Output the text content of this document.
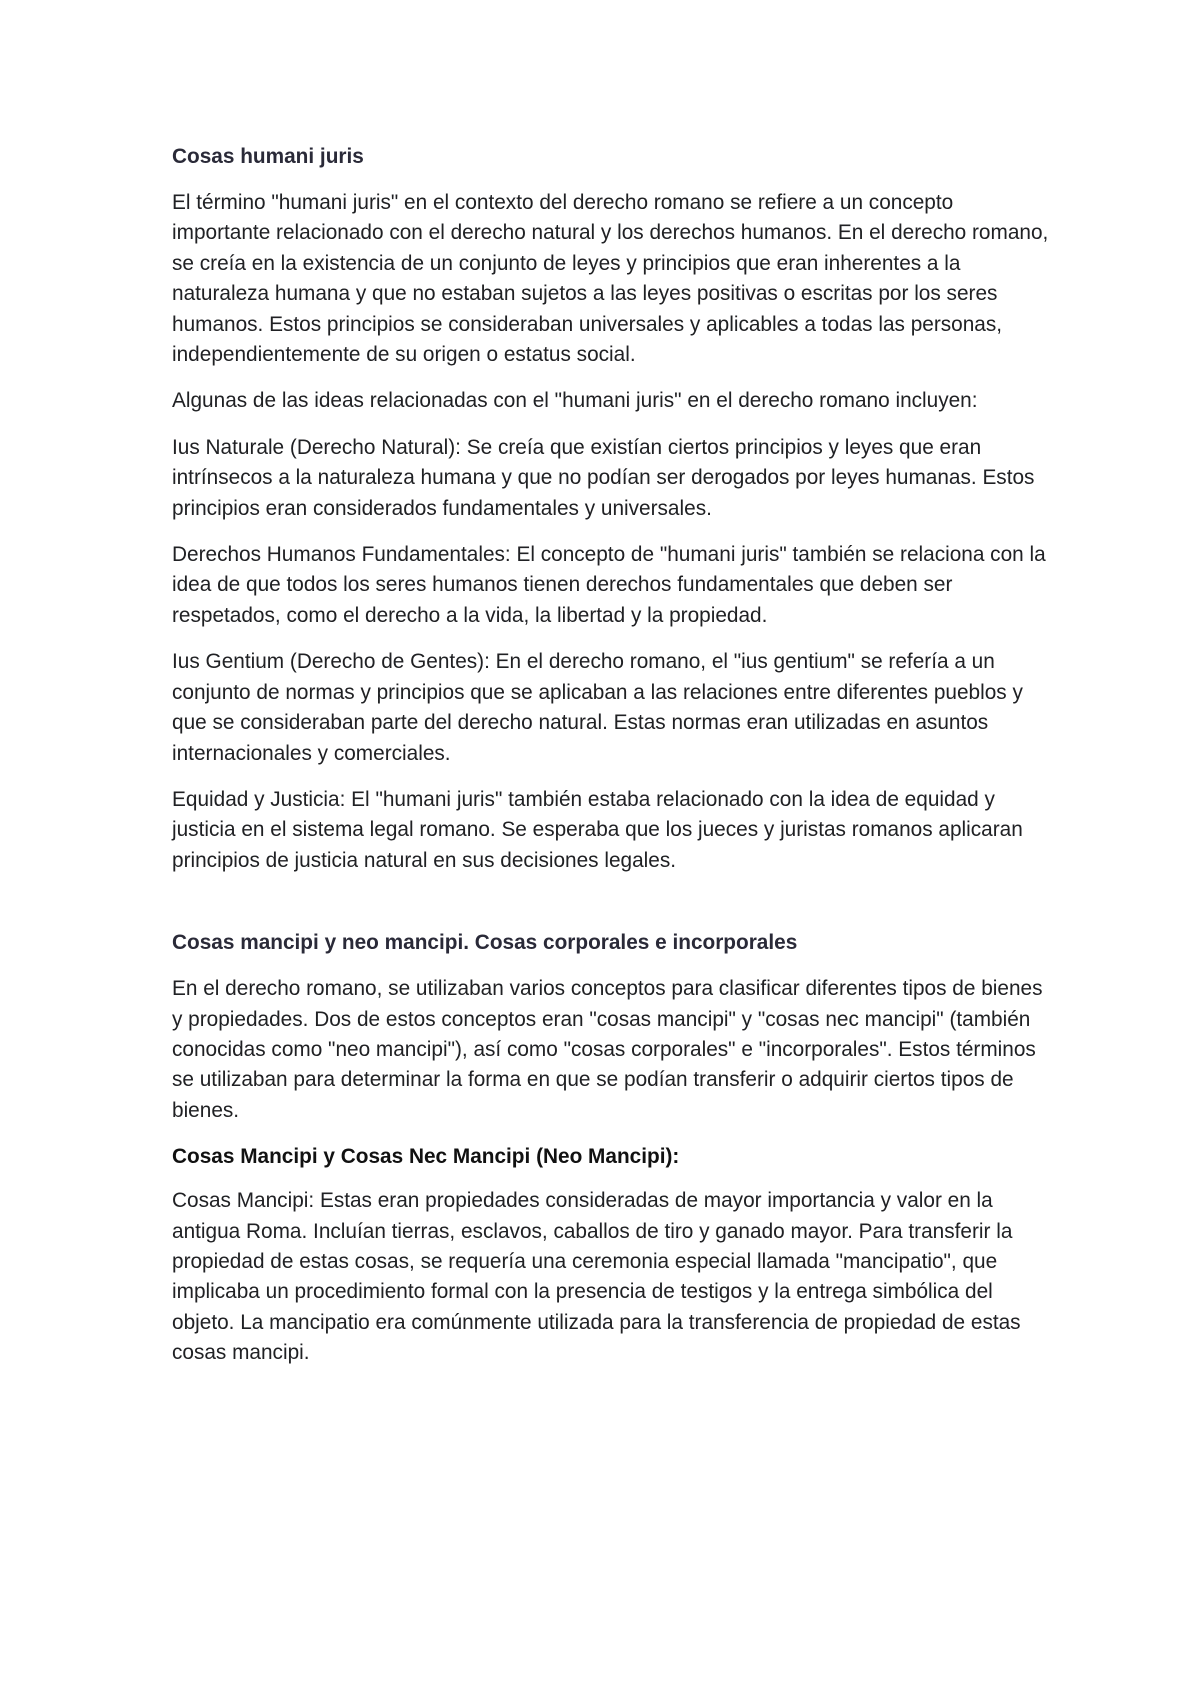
Cosas humani juris

El término "humani juris" en el contexto del derecho romano se refiere a un concepto importante relacionado con el derecho natural y los derechos humanos. En el derecho romano, se creía en la existencia de un conjunto de leyes y principios que eran inherentes a la naturaleza humana y que no estaban sujetos a las leyes positivas o escritas por los seres humanos. Estos principios se consideraban universales y aplicables a todas las personas, independientemente de su origen o estatus social.

Algunas de las ideas relacionadas con el "humani juris" en el derecho romano incluyen:

Ius Naturale (Derecho Natural): Se creía que existían ciertos principios y leyes que eran intrínsecos a la naturaleza humana y que no podían ser derogados por leyes humanas. Estos principios eran considerados fundamentales y universales.

Derechos Humanos Fundamentales: El concepto de "humani juris" también se relaciona con la idea de que todos los seres humanos tienen derechos fundamentales que deben ser respetados, como el derecho a la vida, la libertad y la propiedad.

Ius Gentium (Derecho de Gentes): En el derecho romano, el "ius gentium" se refería a un conjunto de normas y principios que se aplicaban a las relaciones entre diferentes pueblos y que se consideraban parte del derecho natural. Estas normas eran utilizadas en asuntos internacionales y comerciales.

Equidad y Justicia: El "humani juris" también estaba relacionado con la idea de equidad y justicia en el sistema legal romano. Se esperaba que los jueces y juristas romanos aplicaran principios de justicia natural en sus decisiones legales.

Cosas mancipi y neo mancipi. Cosas corporales e incorporales

En el derecho romano, se utilizaban varios conceptos para clasificar diferentes tipos de bienes y propiedades. Dos de estos conceptos eran "cosas mancipi" y "cosas nec mancipi" (también conocidas como "neo mancipi"), así como "cosas corporales" e "incorporales". Estos términos se utilizaban para determinar la forma en que se podían transferir o adquirir ciertos tipos de bienes.

Cosas Mancipi y Cosas Nec Mancipi (Neo Mancipi):

Cosas Mancipi: Estas eran propiedades consideradas de mayor importancia y valor en la antigua Roma. Incluían tierras, esclavos, caballos de tiro y ganado mayor. Para transferir la propiedad de estas cosas, se requería una ceremonia especial llamada "mancipatio", que implicaba un procedimiento formal con la presencia de testigos y la entrega simbólica del objeto. La mancipatio era comúnmente utilizada para la transferencia de propiedad de estas cosas mancipi.
